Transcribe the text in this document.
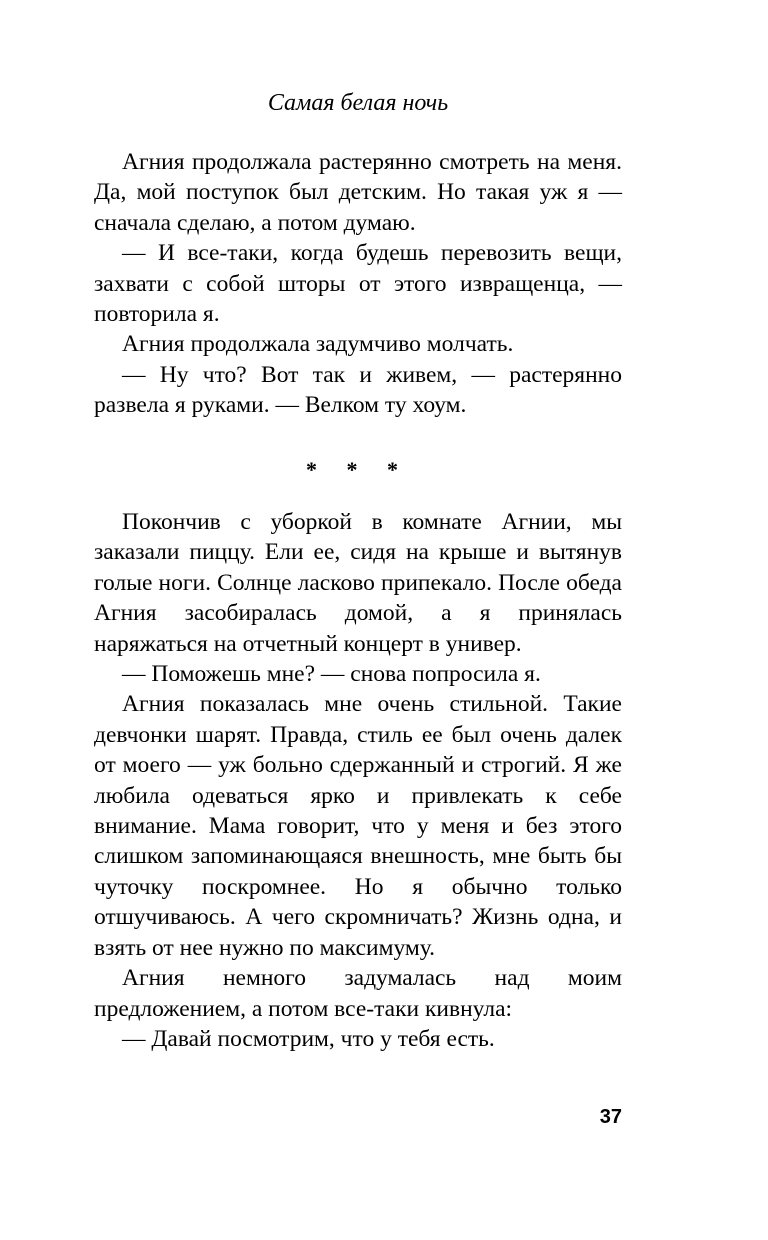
Самая белая ночь

Агния продолжала растерянно смотреть на меня. Да, мой поступок был детским. Но такая уж я — сначала сделаю, а потом думаю.

— И все-таки, когда будешь перевозить вещи, захвати с собой шторы от этого извращенца, — повторила я.

Агния продолжала задумчиво молчать.

— Ну что? Вот так и живем, — растерянно развела я руками. — Велком ту хоум.

* * *

Покончив с уборкой в комнате Агнии, мы заказали пиццу. Ели ее, сидя на крыше и вытянув голые ноги. Солнце ласково припекало. После обеда Агния засобиралась домой, а я принялась наряжаться на отчетный концерт в универ.

— Поможешь мне? — снова попросила я.

Агния показалась мне очень стильной. Такие девчонки шарят. Правда, стиль ее был очень далек от моего — уж больно сдержанный и строгий. Я же любила одеваться ярко и привлекать к себе внимание. Мама говорит, что у меня и без этого слишком запоминающаяся внешность, мне быть бы чуточку поскромнее. Но я обычно только отшучиваюсь. А чего скромничать? Жизнь одна, и взять от нее нужно по максимуму.

Агния немного задумалась над моим предложением, а потом все-таки кивнула:

— Давай посмотрим, что у тебя есть.

37
